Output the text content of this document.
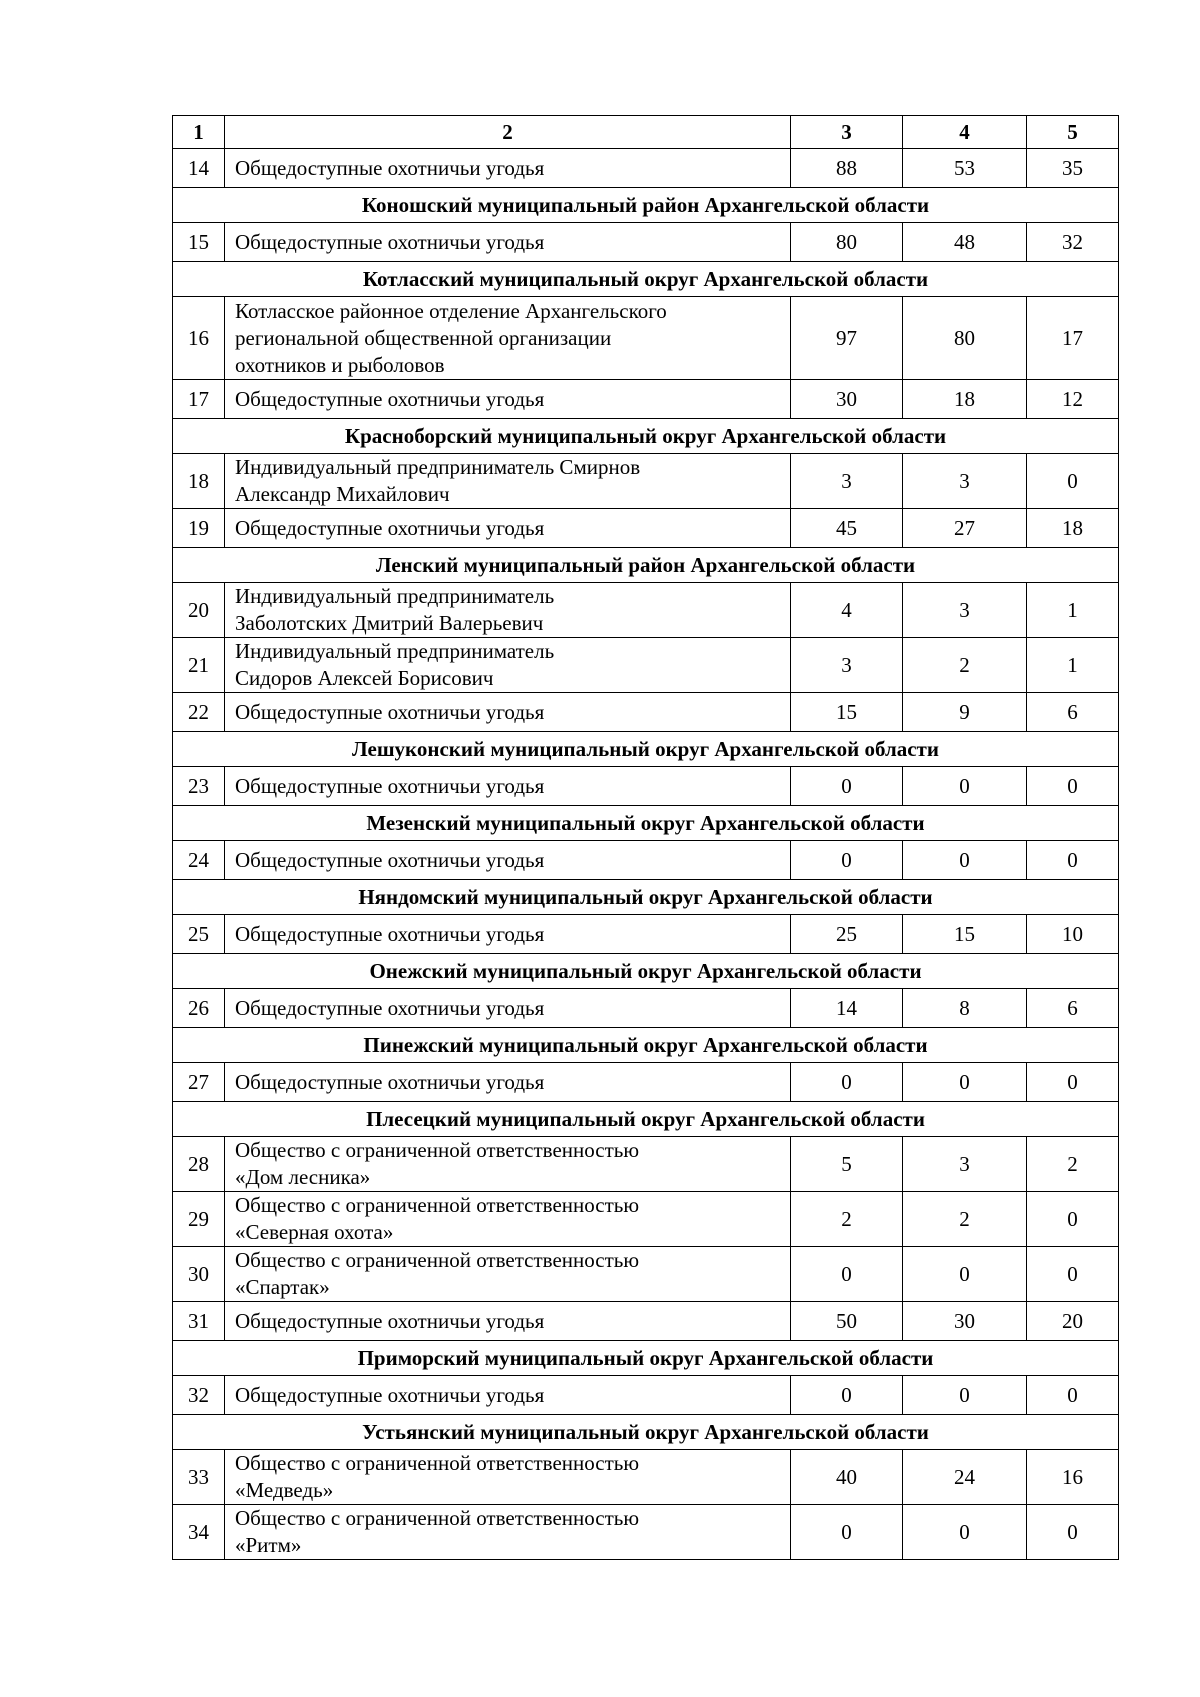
1	2	3	4	5
14	Общедоступные охотничьи угодья	88	53	35
Коношский муниципальный район Архангельской области				
15	Общедоступные охотничьи угодья	80	48	32
Котласский муниципальный округ Архангельской области				
16	Котласское районное отделение Архангельского
региональной общественной организации
охотников и рыболовов	97	80	17
17	Общедоступные охотничьи угодья	30	18	12
Красноборский муниципальный округ Архангельской области				
18	Индивидуальный предприниматель Смирнов
Александр Михайлович	3	3	0
19	Общедоступные охотничьи угодья	45	27	18
Ленский муниципальный район Архангельской области				
20	Индивидуальный предприниматель
Заболотских Дмитрий Валерьевич	4	3	1
21	Индивидуальный предприниматель
Сидоров Алексей Борисович	3	2	1
22	Общедоступные охотничьи угодья	15	9	6
Лешуконский муниципальный округ Архангельской области				
23	Общедоступные охотничьи угодья	0	0	0
Мезенский муниципальный округ Архангельской области				
24	Общедоступные охотничьи угодья	0	0	0
Няндомский муниципальный округ Архангельской области				
25	Общедоступные охотничьи угодья	25	15	10
Онежский муниципальный округ Архангельской области				
26	Общедоступные охотничьи угодья	14	8	6
Пинежский муниципальный округ Архангельской области				
27	Общедоступные охотничьи угодья	0	0	0
Плесецкий муниципальный округ Архангельской области				
28	Общество с ограниченной ответственностью
«Дом лесника»	5	3	2
29	Общество с ограниченной ответственностью
«Северная охота»	2	2	0
30	Общество с ограниченной ответственностью
«Спартак»	0	0	0
31	Общедоступные охотничьи угодья	50	30	20
Приморский муниципальный округ Архангельской области				
32	Общедоступные охотничьи угодья	0	0	0
Устьянский муниципальный округ Архангельской области				
33	Общество с ограниченной ответственностью
«Медведь»	40	24	16
34	Общество с ограниченной ответственностью
«Ритм»	0	0	0
